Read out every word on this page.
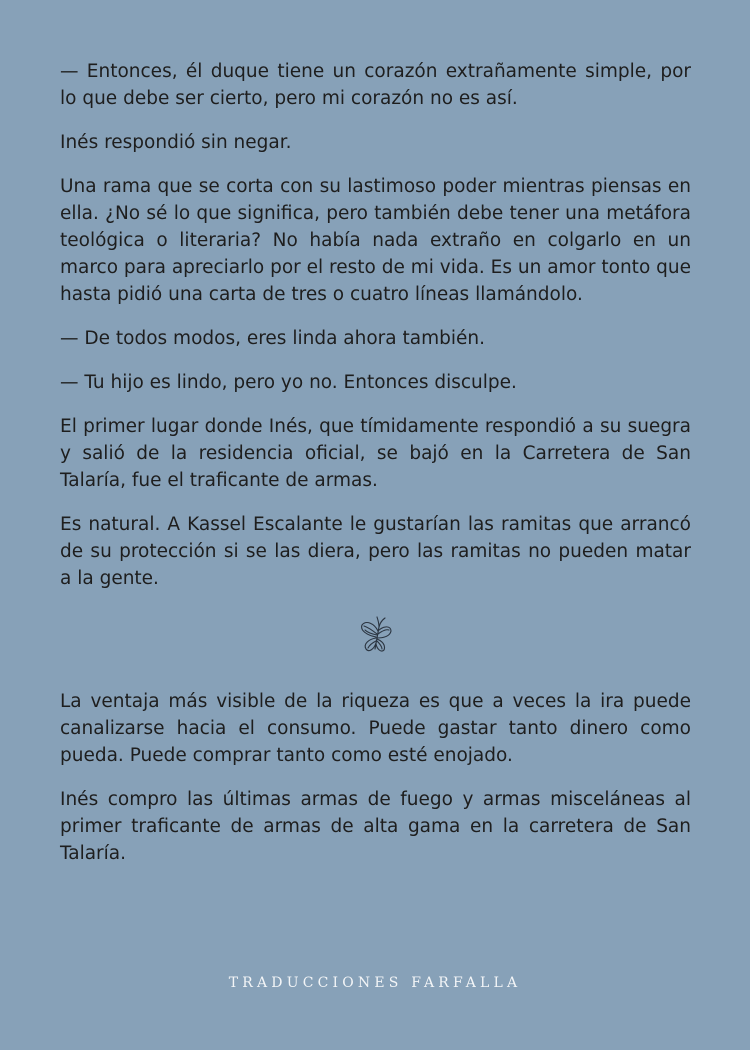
— Entonces, él duque tiene un corazón extrañamente simple, por lo que debe ser cierto, pero mi corazón no es así.

Inés respondió sin negar.

Una rama que se corta con su lastimoso poder mientras piensas en ella. ¿No sé lo que significa, pero también debe tener una metáfora teológica o literaria? No había nada extraño en colgarlo en un marco para apreciarlo por el resto de mi vida. Es un amor tonto que hasta pidió una carta de tres o cuatro líneas llamándolo.

— De todos modos, eres linda ahora también.

— Tu hijo es lindo, pero yo no. Entonces disculpe.

El primer lugar donde Inés, que tímidamente respondió a su suegra y salió de la residencia oficial, se bajó en la Carretera de San Talaría, fue el traficante de armas.

Es natural. A Kassel Escalante le gustarían las ramitas que arrancó de su protección si se las diera, pero las ramitas no pueden matar a la gente.

La ventaja más visible de la riqueza es que a veces la ira puede canalizarse hacia el consumo. Puede gastar tanto dinero como pueda. Puede comprar tanto como esté enojado.

Inés compro las últimas armas de fuego y armas misceláneas al primer traficante de armas de alta gama en la carretera de San Talaría.

TRADUCCIONES FARFALLA
